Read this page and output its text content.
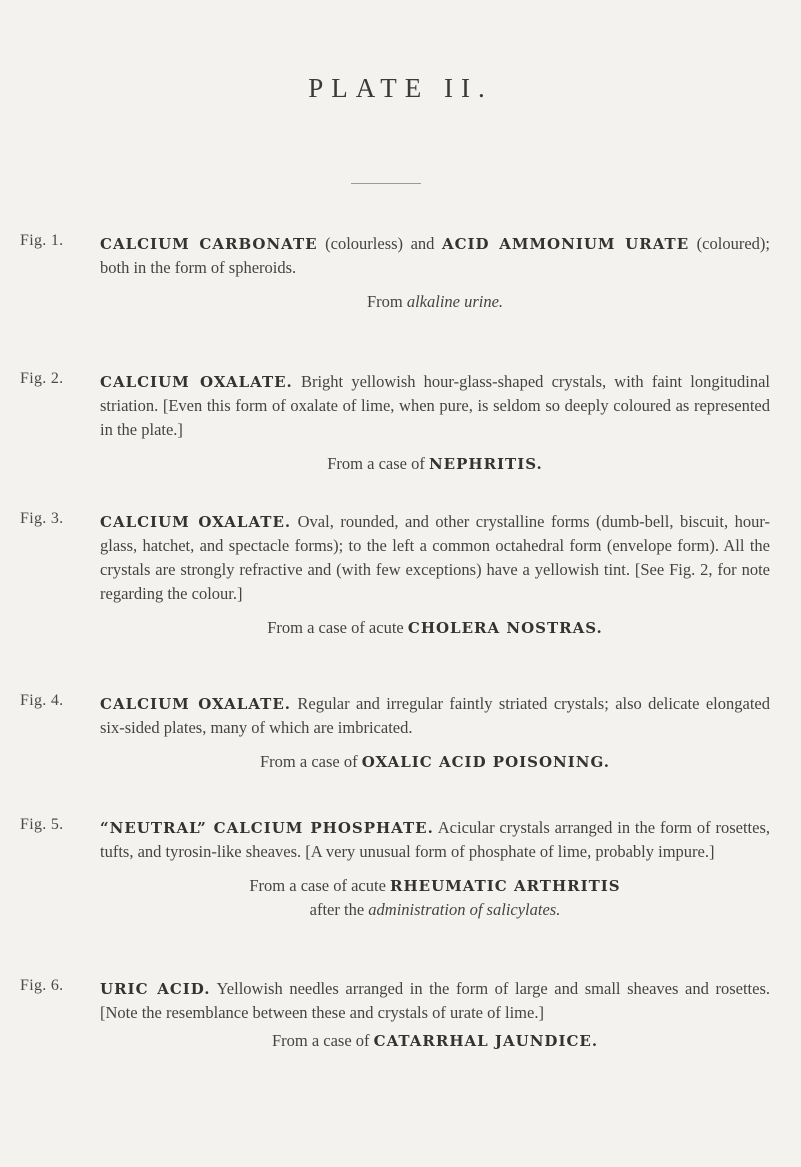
PLATE II.
Fig. 1. CALCIUM CARBONATE (colourless) and ACID AMMONIUM URATE (coloured); both in the form of spheroids.
From alkaline urine.
Fig. 2. CALCIUM OXALATE. Bright yellowish hour-glass-shaped crystals, with faint longitudinal striation. [Even this form of oxalate of lime, when pure, is seldom so deeply coloured as represented in the plate.]
From a case of NEPHRITIS.
Fig. 3. CALCIUM OXALATE. Oval, rounded, and other crystalline forms (dumb-bell, biscuit, hour-glass, hatchet, and spectacle forms); to the left a common octahedral form (envelope form). All the crystals are strongly refractive and (with few exceptions) have a yellowish tint. [See Fig. 2, for note regarding the colour.]
From a case of acute CHOLERA NOSTRAS.
Fig. 4. CALCIUM OXALATE. Regular and irregular faintly striated crystals; also delicate elongated six-sided plates, many of which are imbricated.
From a case of OXALIC ACID POISONING.
Fig. 5. “NEUTRAL” CALCIUM PHOSPHATE. Acicular crystals arranged in the form of rosettes, tufts, and tyrosin-like sheaves. [A very unusual form of phosphate of lime, probably impure.]
From a case of acute RHEUMATIC ARTHRITIS
after the administration of salicylates.
Fig. 6. URIC ACID. Yellowish needles arranged in the form of large and small sheaves and rosettes. [Note the resemblance between these and crystals of urate of lime.]
From a case of CATARRHAL JAUNDICE.
